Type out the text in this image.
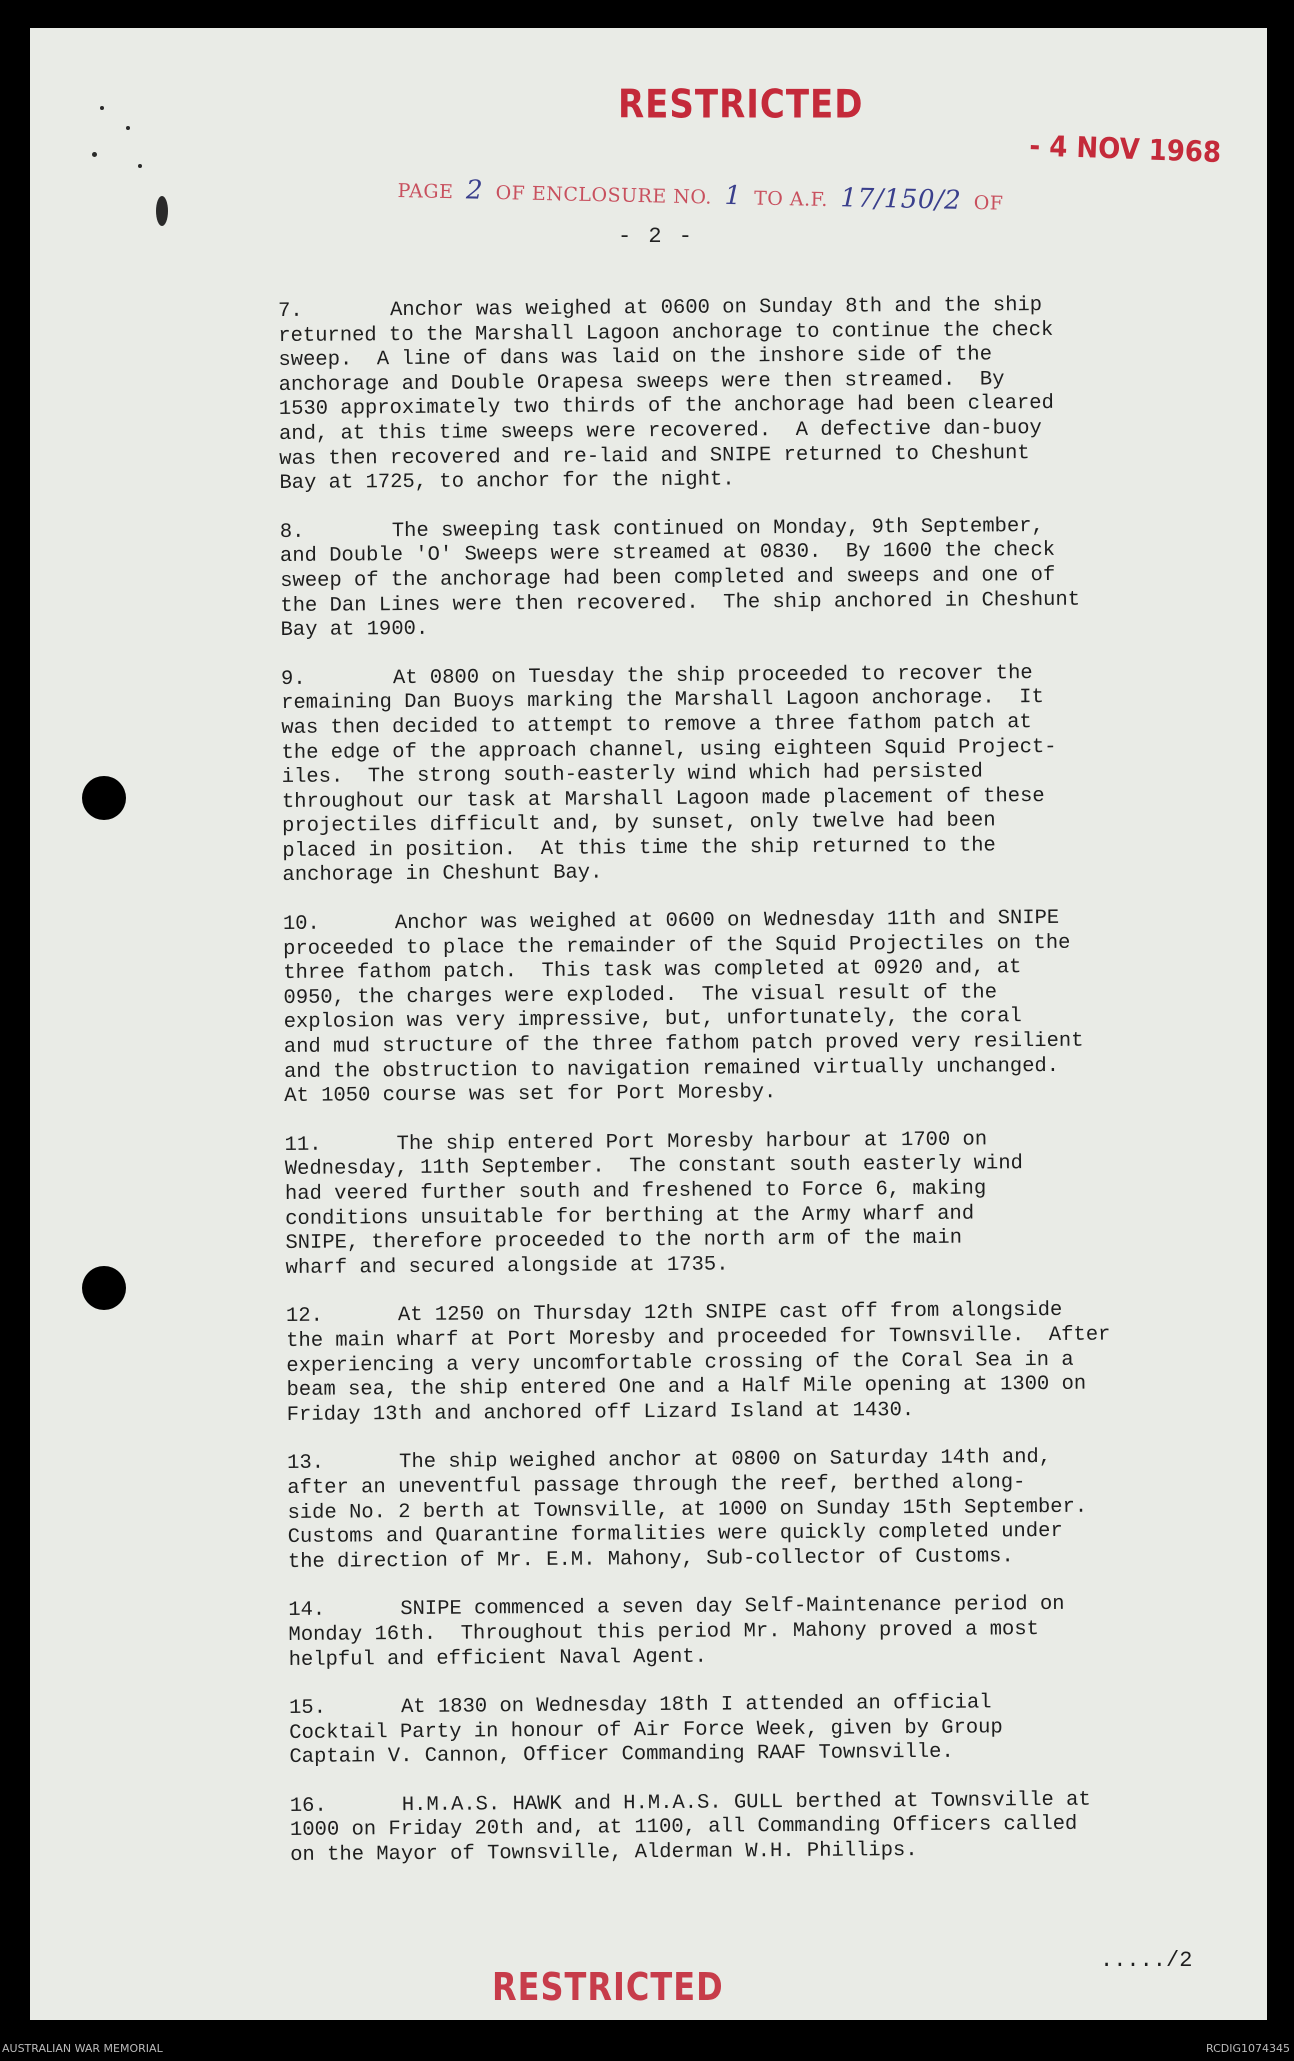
RESTRICTED
- 4 NOV 1968
PAGE 2 OF ENCLOSURE NO. 1 TO A.F. 17/150/2 OF
- 2 -
7.	Anchor was weighed at 0600 on Sunday 8th and the ship
returned to the Marshall Lagoon anchorage to continue the check
sweep.  A line of dans was laid on the inshore side of the
anchorage and Double Orapesa sweeps were then streamed.  By
1530 approximately two thirds of the anchorage had been cleared
and, at this time sweeps were recovered.  A defective dan-buoy
was then recovered and re-laid and SNIPE returned to Cheshunt
Bay at 1725, to anchor for the night.
8.	The sweeping task continued on Monday, 9th September,
and Double 'O' Sweeps were streamed at 0830.  By 1600 the check
sweep of the anchorage had been completed and sweeps and one of
the Dan Lines were then recovered.  The ship anchored in Cheshunt
Bay at 1900.
9.	At 0800 on Tuesday the ship proceeded to recover the
remaining Dan Buoys marking the Marshall Lagoon anchorage.  It
was then decided to attempt to remove a three fathom patch at
the edge of the approach channel, using eighteen Squid Project-
iles.  The strong south-easterly wind which had persisted
throughout our task at Marshall Lagoon made placement of these
projectiles difficult and, by sunset, only twelve had been
placed in position.  At this time the ship returned to the
anchorage in Cheshunt Bay.
10.	Anchor was weighed at 0600 on Wednesday 11th and SNIPE
proceeded to place the remainder of the Squid Projectiles on the
three fathom patch.  This task was completed at 0920 and, at
0950, the charges were exploded.  The visual result of the
explosion was very impressive, but, unfortunately, the coral
and mud structure of the three fathom patch proved very resilient
and the obstruction to navigation remained virtually unchanged.
At 1050 course was set for Port Moresby.
11.	The ship entered Port Moresby harbour at 1700 on
Wednesday, 11th September.  The constant south easterly wind
had veered further south and freshened to Force 6, making
conditions unsuitable for berthing at the Army wharf and
SNIPE, therefore proceeded to the north arm of the main
wharf and secured alongside at 1735.
12.	At 1250 on Thursday 12th SNIPE cast off from alongside
the main wharf at Port Moresby and proceeded for Townsville.  After
experiencing a very uncomfortable crossing of the Coral Sea in a
beam sea, the ship entered One and a Half Mile opening at 1300 on
Friday 13th and anchored off Lizard Island at 1430.
13.	The ship weighed anchor at 0800 on Saturday 14th and,
after an uneventful passage through the reef, berthed along-
side No. 2 berth at Townsville, at 1000 on Sunday 15th September.
Customs and Quarantine formalities were quickly completed under
the direction of Mr. E.M. Mahony, Sub-collector of Customs.
14.	SNIPE commenced a seven day Self-Maintenance period on
Monday 16th.  Throughout this period Mr. Mahony proved a most
helpful and efficient Naval Agent.
15.	At 1830 on Wednesday 18th I attended an official
Cocktail Party in honour of Air Force Week, given by Group
Captain V. Cannon, Officer Commanding RAAF Townsville.
16.	H.M.A.S. HAWK and H.M.A.S. GULL berthed at Townsville at
1000 on Friday 20th and, at 1100, all Commanding Officers called
on the Mayor of Townsville, Alderman W.H. Phillips.
RESTRICTED
...../2
AUSTRALIAN WAR MEMORIAL	RCDIG1074345
